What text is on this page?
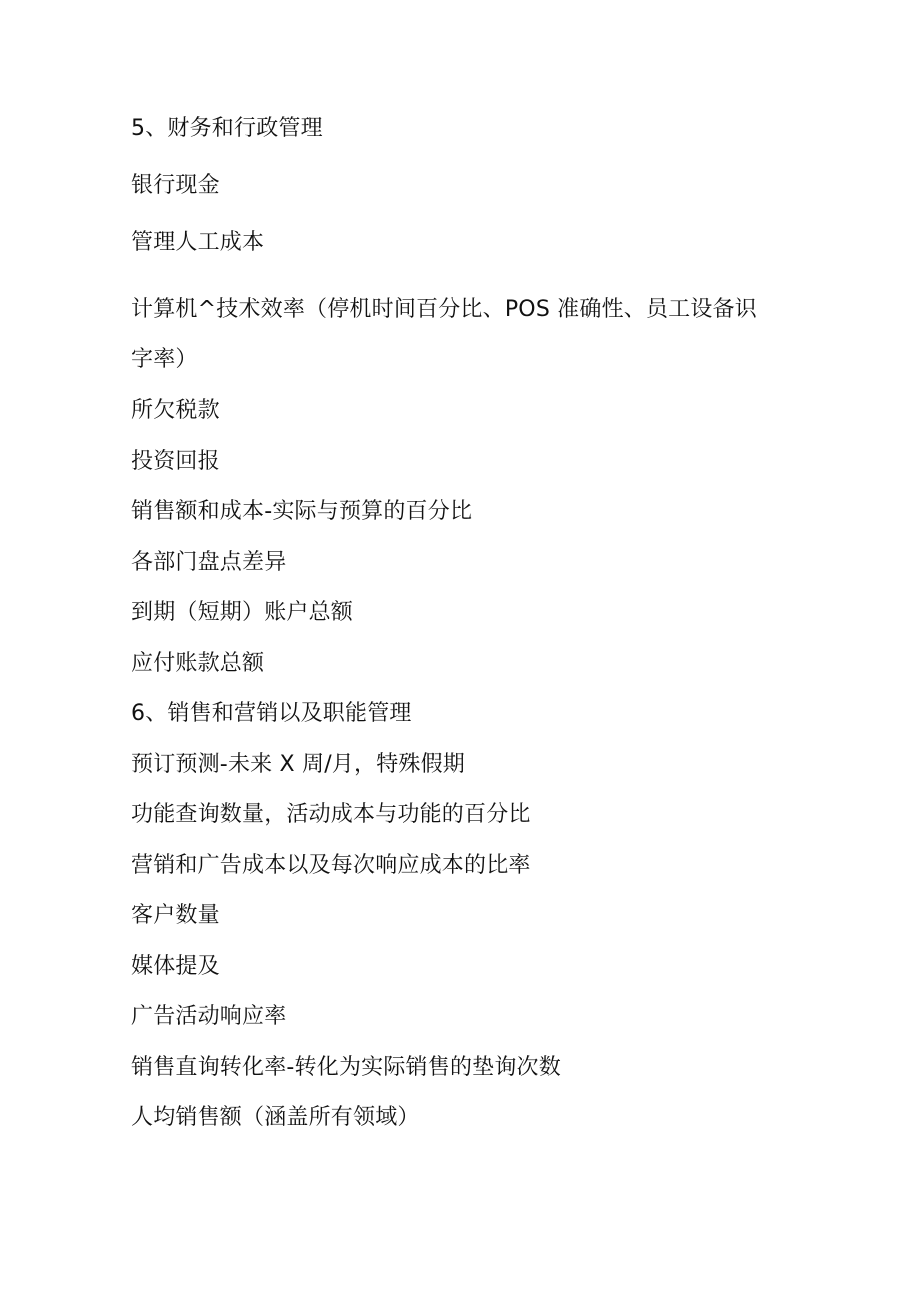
5、财务和行政管理
银行现金
管理人工成本
计算机^技术效率（停机时间百分比、POS 准确性、员工设备识
字率）
所欠税款
投资回报
销售额和成本-实际与预算的百分比
各部门盘点差异
到期（短期）账户总额
应付账款总额
6、销售和营销以及职能管理
预订预测-未来 X 周/月，特殊假期
功能查询数量，活动成本与功能的百分比
营销和广告成本以及每次响应成本的比率
客户数量
媒体提及
广告活动响应率
销售直询转化率-转化为实际销售的垫询次数
人均销售额（涵盖所有领域）
